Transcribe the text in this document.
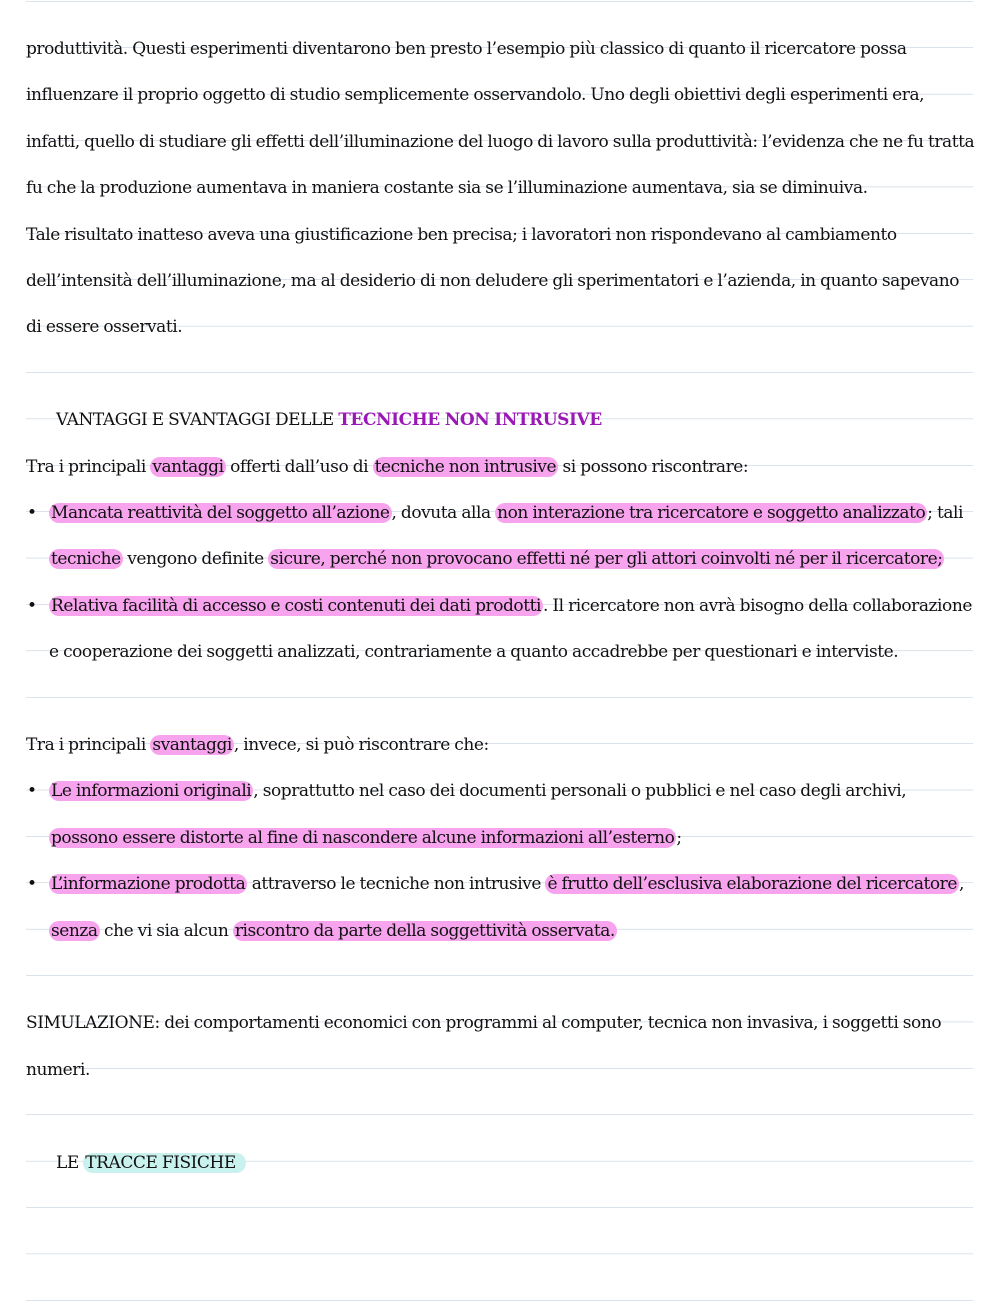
produttività. Questi esperimenti diventarono ben presto l’esempio più classico di quanto il ricercatore possa influenzare il proprio oggetto di studio semplicemente osservandolo. Uno degli obiettivi degli esperimenti era, infatti, quello di studiare gli effetti dell’illuminazione del luogo di lavoro sulla produttività: l’evidenza che ne fu tratta fu che la produzione aumentava in maniera costante sia se l’illuminazione aumentava, sia se diminuiva.

Tale risultato inatteso aveva una giustificazione ben precisa; i lavoratori non rispondevano al cambiamento dell’intensità dell’illuminazione, ma al desiderio di non deludere gli sperimentatori e l’azienda, in quanto sapevano di essere osservati.

VANTAGGI E SVANTAGGI DELLE TECNICHE NON INTRUSIVE

Tra i principali vantaggi offerti dall’uso di tecniche non intrusive si possono riscontrare:

• Mancata reattività del soggetto all’azione , dovuta alla non interazione tra ricercatore e soggetto analizzato ; tali tecniche vengono definite sicure, perché non provocano effetti né per gli attori coinvolti né per il ricercatore;
• Relativa facilità di accesso e costi contenuti dei dati prodotti . Il ricercatore non avrà bisogno della collaborazione e cooperazione dei soggetti analizzati, contrariamente a quanto accadrebbe per questionari e interviste.

Tra i principali svantaggi , invece, si può riscontrare che:

• Le informazioni originali , soprattutto nel caso dei documenti personali o pubblici e nel caso degli archivi, possono essere distorte al fine di nascondere alcune informazioni all’esterno ;
• L’informazione prodotta attraverso le tecniche non intrusive è frutto dell’esclusiva elaborazione del ricercatore , senza che vi sia alcun riscontro da parte della soggettività osservata.

SIMULAZIONE: dei comportamenti economici con programmi al computer, tecnica non invasiva, i soggetti sono numeri.

LE TRACCE FISICHE
